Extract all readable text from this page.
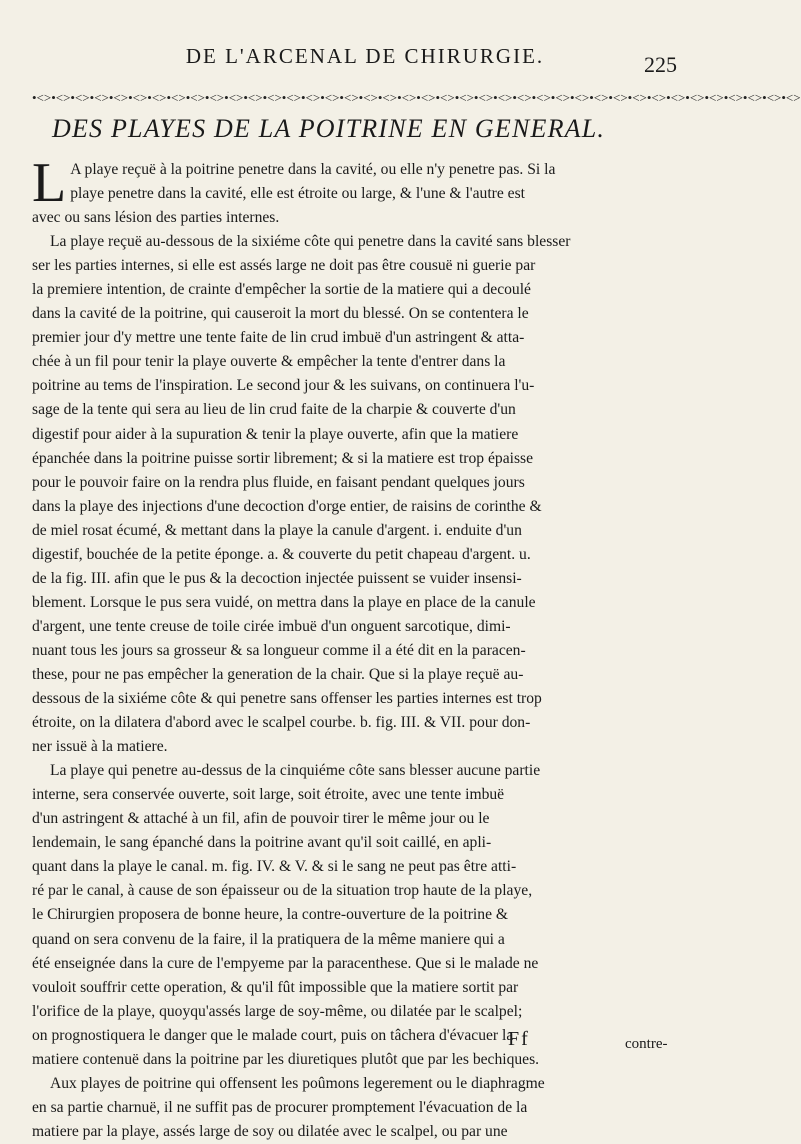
DE L'ARCENAL DE CHIRURGIE.	225
•<>•<>•<>•<>•<>•<>•<>•<>•<>•<>•<>•<>•<>•<>•<>•<>•<>•<>•<>•<>•<>•<>•<>•<>•<>•<>•<>•<>•<>•<>•<>•<>•<>•<>•<>•<>•<>•<>•<>•<>
DES PLAYES DE LA POITRINE EN GENERAL.
L A playe reçuë à la poitrine penetre dans la cavité, ou elle n'y penetre pas. Si la
playe penetre dans la cavité, elle est étroite ou large, & l'une & l'autre est
avec ou sans lésion des parties internes.
La playe reçuë au-dessous de la sixiéme côte qui penetre dans la cavité sans blesser
ser les parties internes, si elle est assés large ne doit pas être cousuë ni guerie par
la premiere intention, de crainte d'empêcher la sortie de la matiere qui a decoulé
dans la cavité de la poitrine, qui causeroit la mort du blessé. On se contentera le
premier jour d'y mettre une tente faite de lin crud imbuë d'un astringent & atta-
chée à un fil pour tenir la playe ouverte & empêcher la tente d'entrer dans la
poitrine au tems de l'inspiration. Le second jour & les suivans, on continuera l'u-
sage de la tente qui sera au lieu de lin crud faite de la charpie & couverte d'un
digestif pour aider à la supuration & tenir la playe ouverte, afin que la matiere
épanchée dans la poitrine puisse sortir librement; & si la matiere est trop épaisse
pour le pouvoir faire on la rendra plus fluide, en faisant pendant quelques jours
dans la playe des injections d'une decoction d'orge entier, de raisins de corinthe &
de miel rosat écumé, & mettant dans la playe la canule d'argent. i. enduite d'un
digestif, bouchée de la petite éponge. a. & couverte du petit chapeau d'argent. u.
de la fig. III. afin que le pus & la decoction injectée puissent se vuider insensi-
blement. Lorsque le pus sera vuidé, on mettra dans la playe en place de la canule
d'argent, une tente creuse de toile cirée imbuë d'un onguent sarcotique, dimi-
nuant tous les jours sa grosseur & sa longueur comme il a été dit en la paracen-
these, pour ne pas empêcher la generation de la chair. Que si la playe reçuë au-
dessous de la sixiéme côte & qui penetre sans offenser les parties internes est trop
étroite, on la dilatera d'abord avec le scalpel courbe. b. fig. III. & VII. pour don-
ner issuë à la matiere.
La playe qui penetre au-dessus de la cinquiéme côte sans blesser aucune partie
interne, sera conservée ouverte, soit large, soit étroite, avec une tente imbuë
d'un astringent & attaché à un fil, afin de pouvoir tirer le même jour ou le
lendemain, le sang épanché dans la poitrine avant qu'il soit caillé, en apli-
quant dans la playe le canal. m. fig. IV. & V. & si le sang ne peut pas être atti-
ré par le canal, à cause de son épaisseur ou de la situation trop haute de la playe,
le Chirurgien proposera de bonne heure, la contre-ouverture de la poitrine &
quand on sera convenu de la faire, il la pratiquera de la même maniere qui a
été enseignée dans la cure de l'empyeme par la paracenthese. Que si le malade ne
vouloit souffrir cette operation, & qu'il fût impossible que la matiere sortit par
l'orifice de la playe, quoyqu'assés large de soy-même, ou dilatée par le scalpel;
on prognostiquera le danger que le malade court, puis on tâchera d'évacuer la
matiere contenuë dans la poitrine par les diuretiques plutôt que par les bechiques.
Aux playes de poitrine qui offensent les poûmons legerement ou le diaphragme
en sa partie charnuë, il ne suffit pas de procurer promptement l'évacuation de la
matiere par la playe, assés large de soy ou dilatée avec le scalpel, ou par une
Ff	contre-
